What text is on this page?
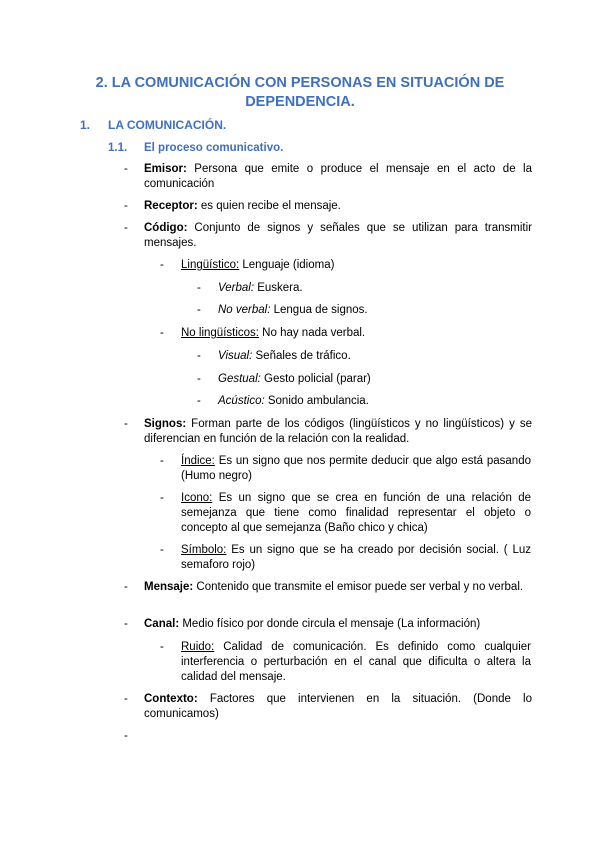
2. LA COMUNICACIÓN CON PERSONAS EN SITUACIÓN DE DEPENDENCIA.
1. LA COMUNICACIÓN.
1.1. El proceso comunicativo.
- Emisor: Persona que emite o produce el mensaje en el acto de la comunicación
- Receptor: es quien recibe el mensaje.
- Código: Conjunto de signos y señales que se utilizan para transmitir mensajes.
- Lingüístico: Lenguaje (idioma)
- Verbal: Euskera.
- No verbal: Lengua de signos.
- No lingüísticos: No hay nada verbal.
- Visual: Señales de tráfico.
- Gestual: Gesto policial (parar)
- Acústico: Sonido ambulancia.
- Signos: Forman parte de los códigos (lingüísticos y no lingüísticos) y se diferencian en función de la relación con la realidad.
- Índice: Es un signo que nos permite deducir que algo está pasando (Humo negro)
- Icono: Es un signo que se crea en función de una relación de semejanza que tiene como finalidad representar el objeto o concepto al que semejanza (Baño chico y chica)
- Símbolo: Es un signo que se ha creado por decisión social. ( Luz semaforo rojo)
- Mensaje: Contenido que transmite el emisor puede ser verbal y no verbal.
- Canal: Medio físico por donde circula el mensaje (La información)
- Ruido: Calidad de comunicación. Es definido como cualquier interferencia o perturbación en el canal que dificulta o altera la calidad del mensaje.
- Contexto: Factores que intervienen en la situación. (Donde lo comunicamos)
-
